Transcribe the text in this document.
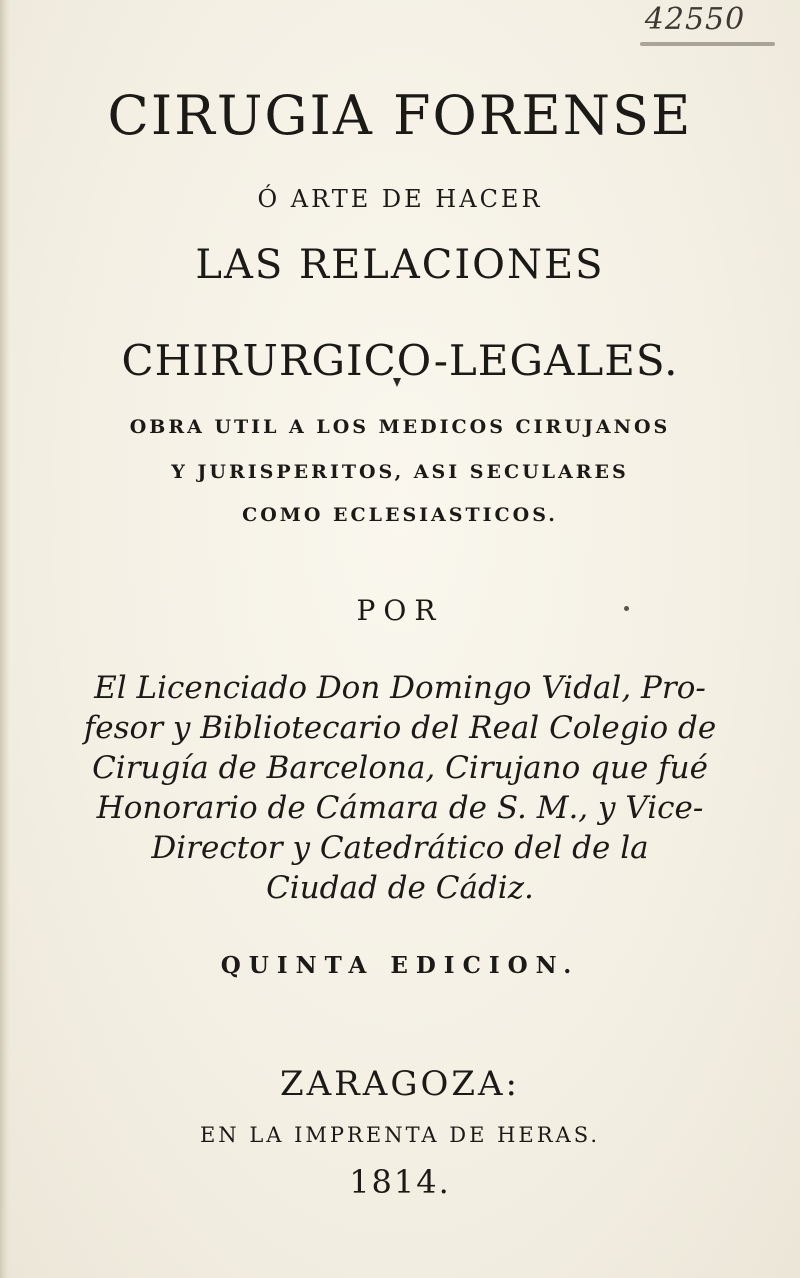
42550
CIRUGIA FORENSE
Ó ARTE DE HACER
LAS RELACIONES
CHIRURGICO-LEGALES.
OBRA UTIL A LOS MEDICOS CIRUJANOS
Y JURISPERITOS, ASI SECULARES
COMO ECLESIASTICOS.
POR
El Licenciado Don Domingo Vidal, Pro-
fesor y Bibliotecario del Real Colegio de
Cirugía de Barcelona, Cirujano que fué
Honorario de Cámara de S. M., y Vice-
Director y Catedrático del de la
Ciudad de Cádiz.
QUINTA EDICION.
ZARAGOZA:
EN LA IMPRENTA DE HERAS.
1814.
